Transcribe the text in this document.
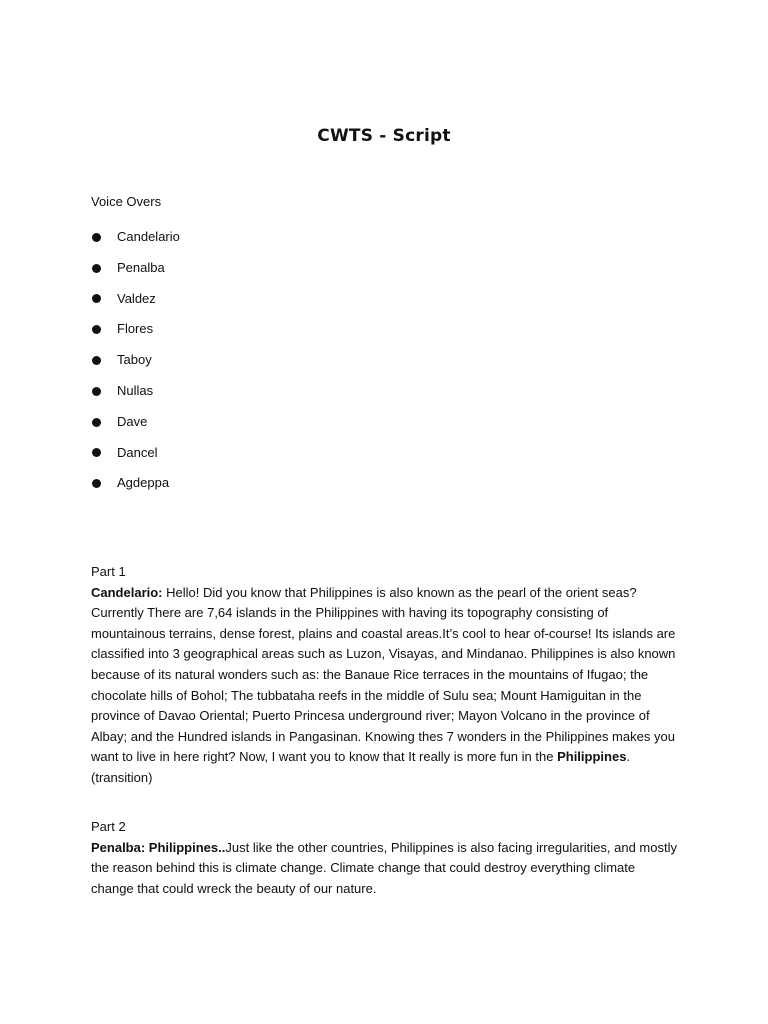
CWTS - Script
Voice Overs
Candelario
Penalba
Valdez
Flores
Taboy
Nullas
Dave
Dancel
Agdeppa

Part 1

Candelario: Hello! Did you know that Philippines is also known as the pearl of the orient seas? Currently There are 7,64 islands in the Philippines with having its topography consisting of mountainous terrains, dense forest, plains and coastal areas.It’s cool to hear of-course! Its islands are classified into 3 geographical areas such as Luzon, Visayas, and Mindanao. Philippines is also known because of its natural wonders such as: the Banaue Rice terraces in the mountains of Ifugao; the chocolate hills of Bohol; The tubbataha reefs in the middle of Sulu sea; Mount Hamiguitan in the province of Davao Oriental; Puerto Princesa underground river; Mayon Volcano in the province of Albay; and the Hundred islands in Pangasinan. Knowing thes 7 wonders in the Philippines makes you want to live in here right? Now, I want you to know that It really is more fun in the Philippines. (transition)

Part 2

Penalba: Philippines..Just like the other countries, Philippines is also facing irregularities, and mostly the reason behind this is climate change. Climate change that could destroy everything climate change that could wreck the beauty of our nature.
